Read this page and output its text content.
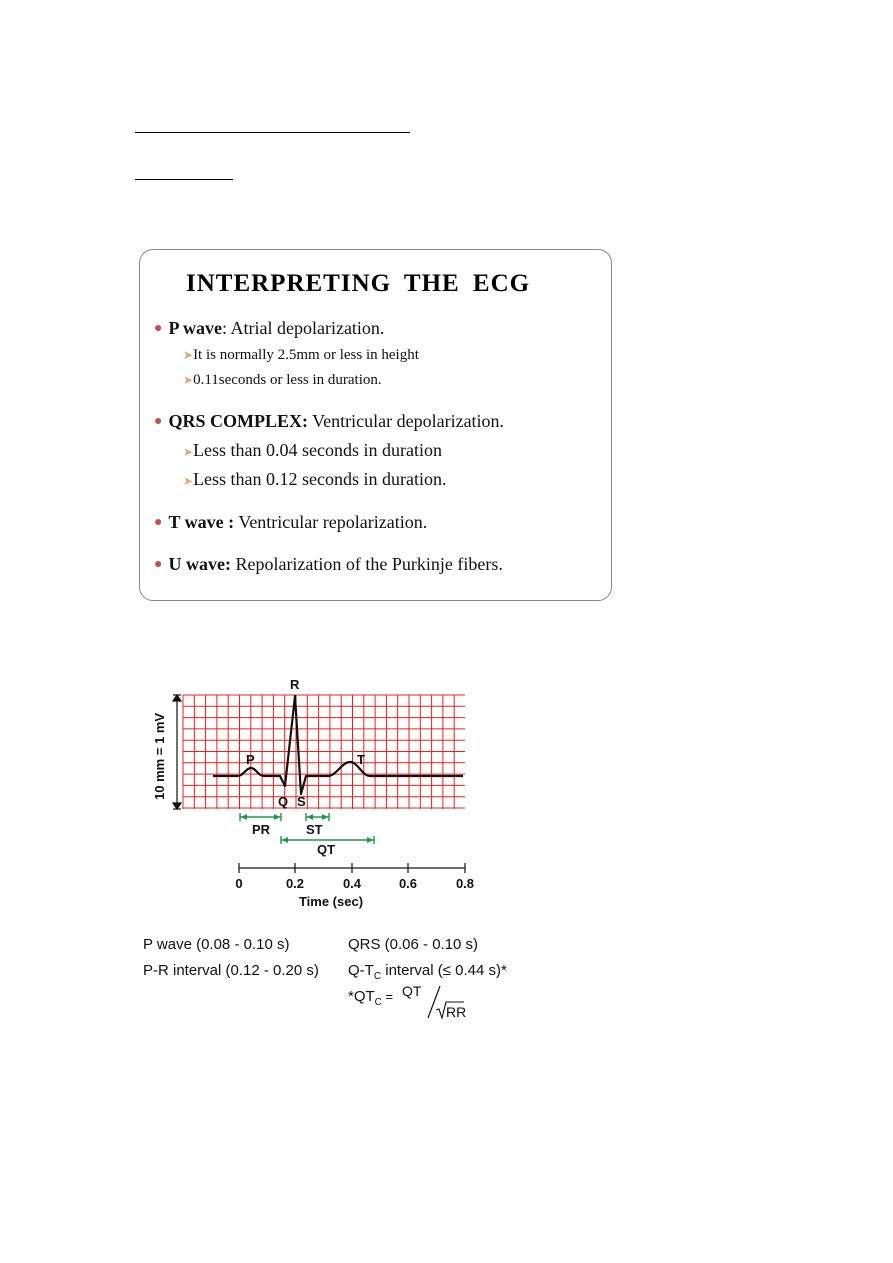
INTERPRETING THE ECG
● P wave: Atrial depolarization.
➤It is normally 2.5mm or less in height
➤0.11seconds or less in duration.
● QRS COMPLEX: Ventricular depolarization.
➤Less than 0.04 seconds in duration
➤Less than 0.12 seconds in duration.
● T wave : Ventricular repolarization.
● U wave: Repolarization of the Purkinje fibers.
10 mm = 1 mV
R
P	T
Q S
PR	ST
QT
0	0.2	0.4	0.6	0.8
Time (sec)
P wave (0.08 - 0.10 s)	QRS (0.06 - 0.10 s)
P-R interval (0.12 - 0.20 s) $Q-T_C$ interval (≤ 0.44 s)*
$*QT_C$ = QT
RR
